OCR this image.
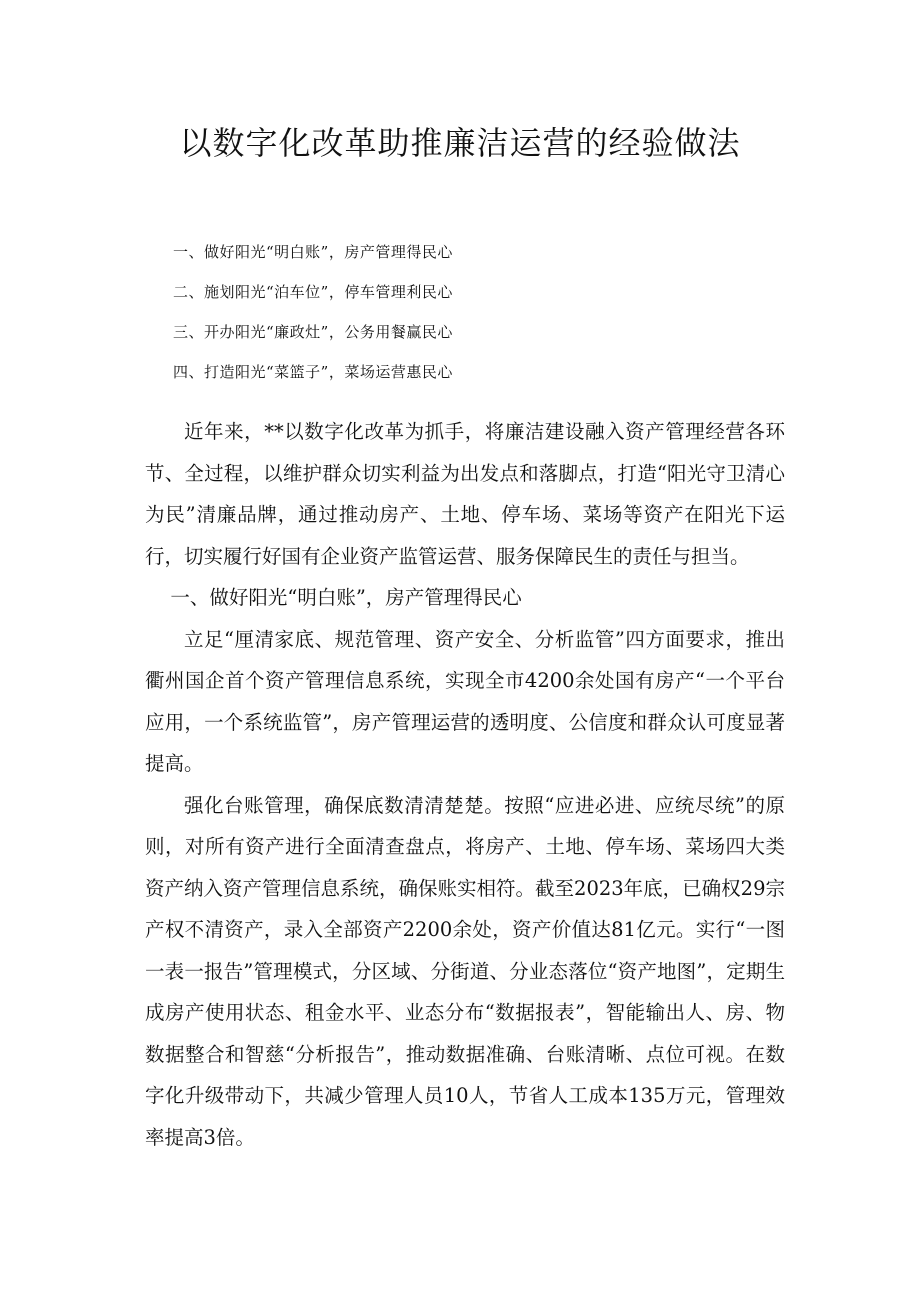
以数字化改革助推廉洁运营的经验做法
一、做好阳光“明白账”，房产管理得民心
二、施划阳光“泊车位”，停车管理利民心
三、开办阳光“廉政灶”，公务用餐赢民心
四、打造阳光“菜篮子”，菜场运营惠民心

近年来，**以数字化改革为抓手，将廉洁建设融入资产管理经营各环节、全过程，以维护群众切实利益为出发点和落脚点，打造“阳光守卫清心为民”清廉品牌，通过推动房产、土地、停车场、菜场等资产在阳光下运行，切实履行好国有企业资产监管运营、服务保障民生的责任与担当。

一、做好阳光“明白账”，房产管理得民心

立足“厘清家底、规范管理、资产安全、分析监管”四方面要求，推出衢州国企首个资产管理信息系统，实现全市4200余处国有房产“一个平台应用，一个系统监管”，房产管理运营的透明度、公信度和群众认可度显著提高。

强化台账管理，确保底数清清楚楚。按照“应进必进、应统尽统”的原则，对所有资产进行全面清查盘点，将房产、土地、停车场、菜场四大类资产纳入资产管理信息系统，确保账实相符。截至2023年底，已确权29宗产权不清资产，录入全部资产2200余处，资产价值达81亿元。实行“一图一表一报告”管理模式，分区域、分街道、分业态落位“资产地图”，定期生成房产使用状态、租金水平、业态分布“数据报表”，智能输出人、房、物数据整合和智慈“分析报告”，推动数据准确、台账清晰、点位可视。在数字化升级带动下，共减少管理人员10人，节省人工成本135万元，管理效率提高3倍。
